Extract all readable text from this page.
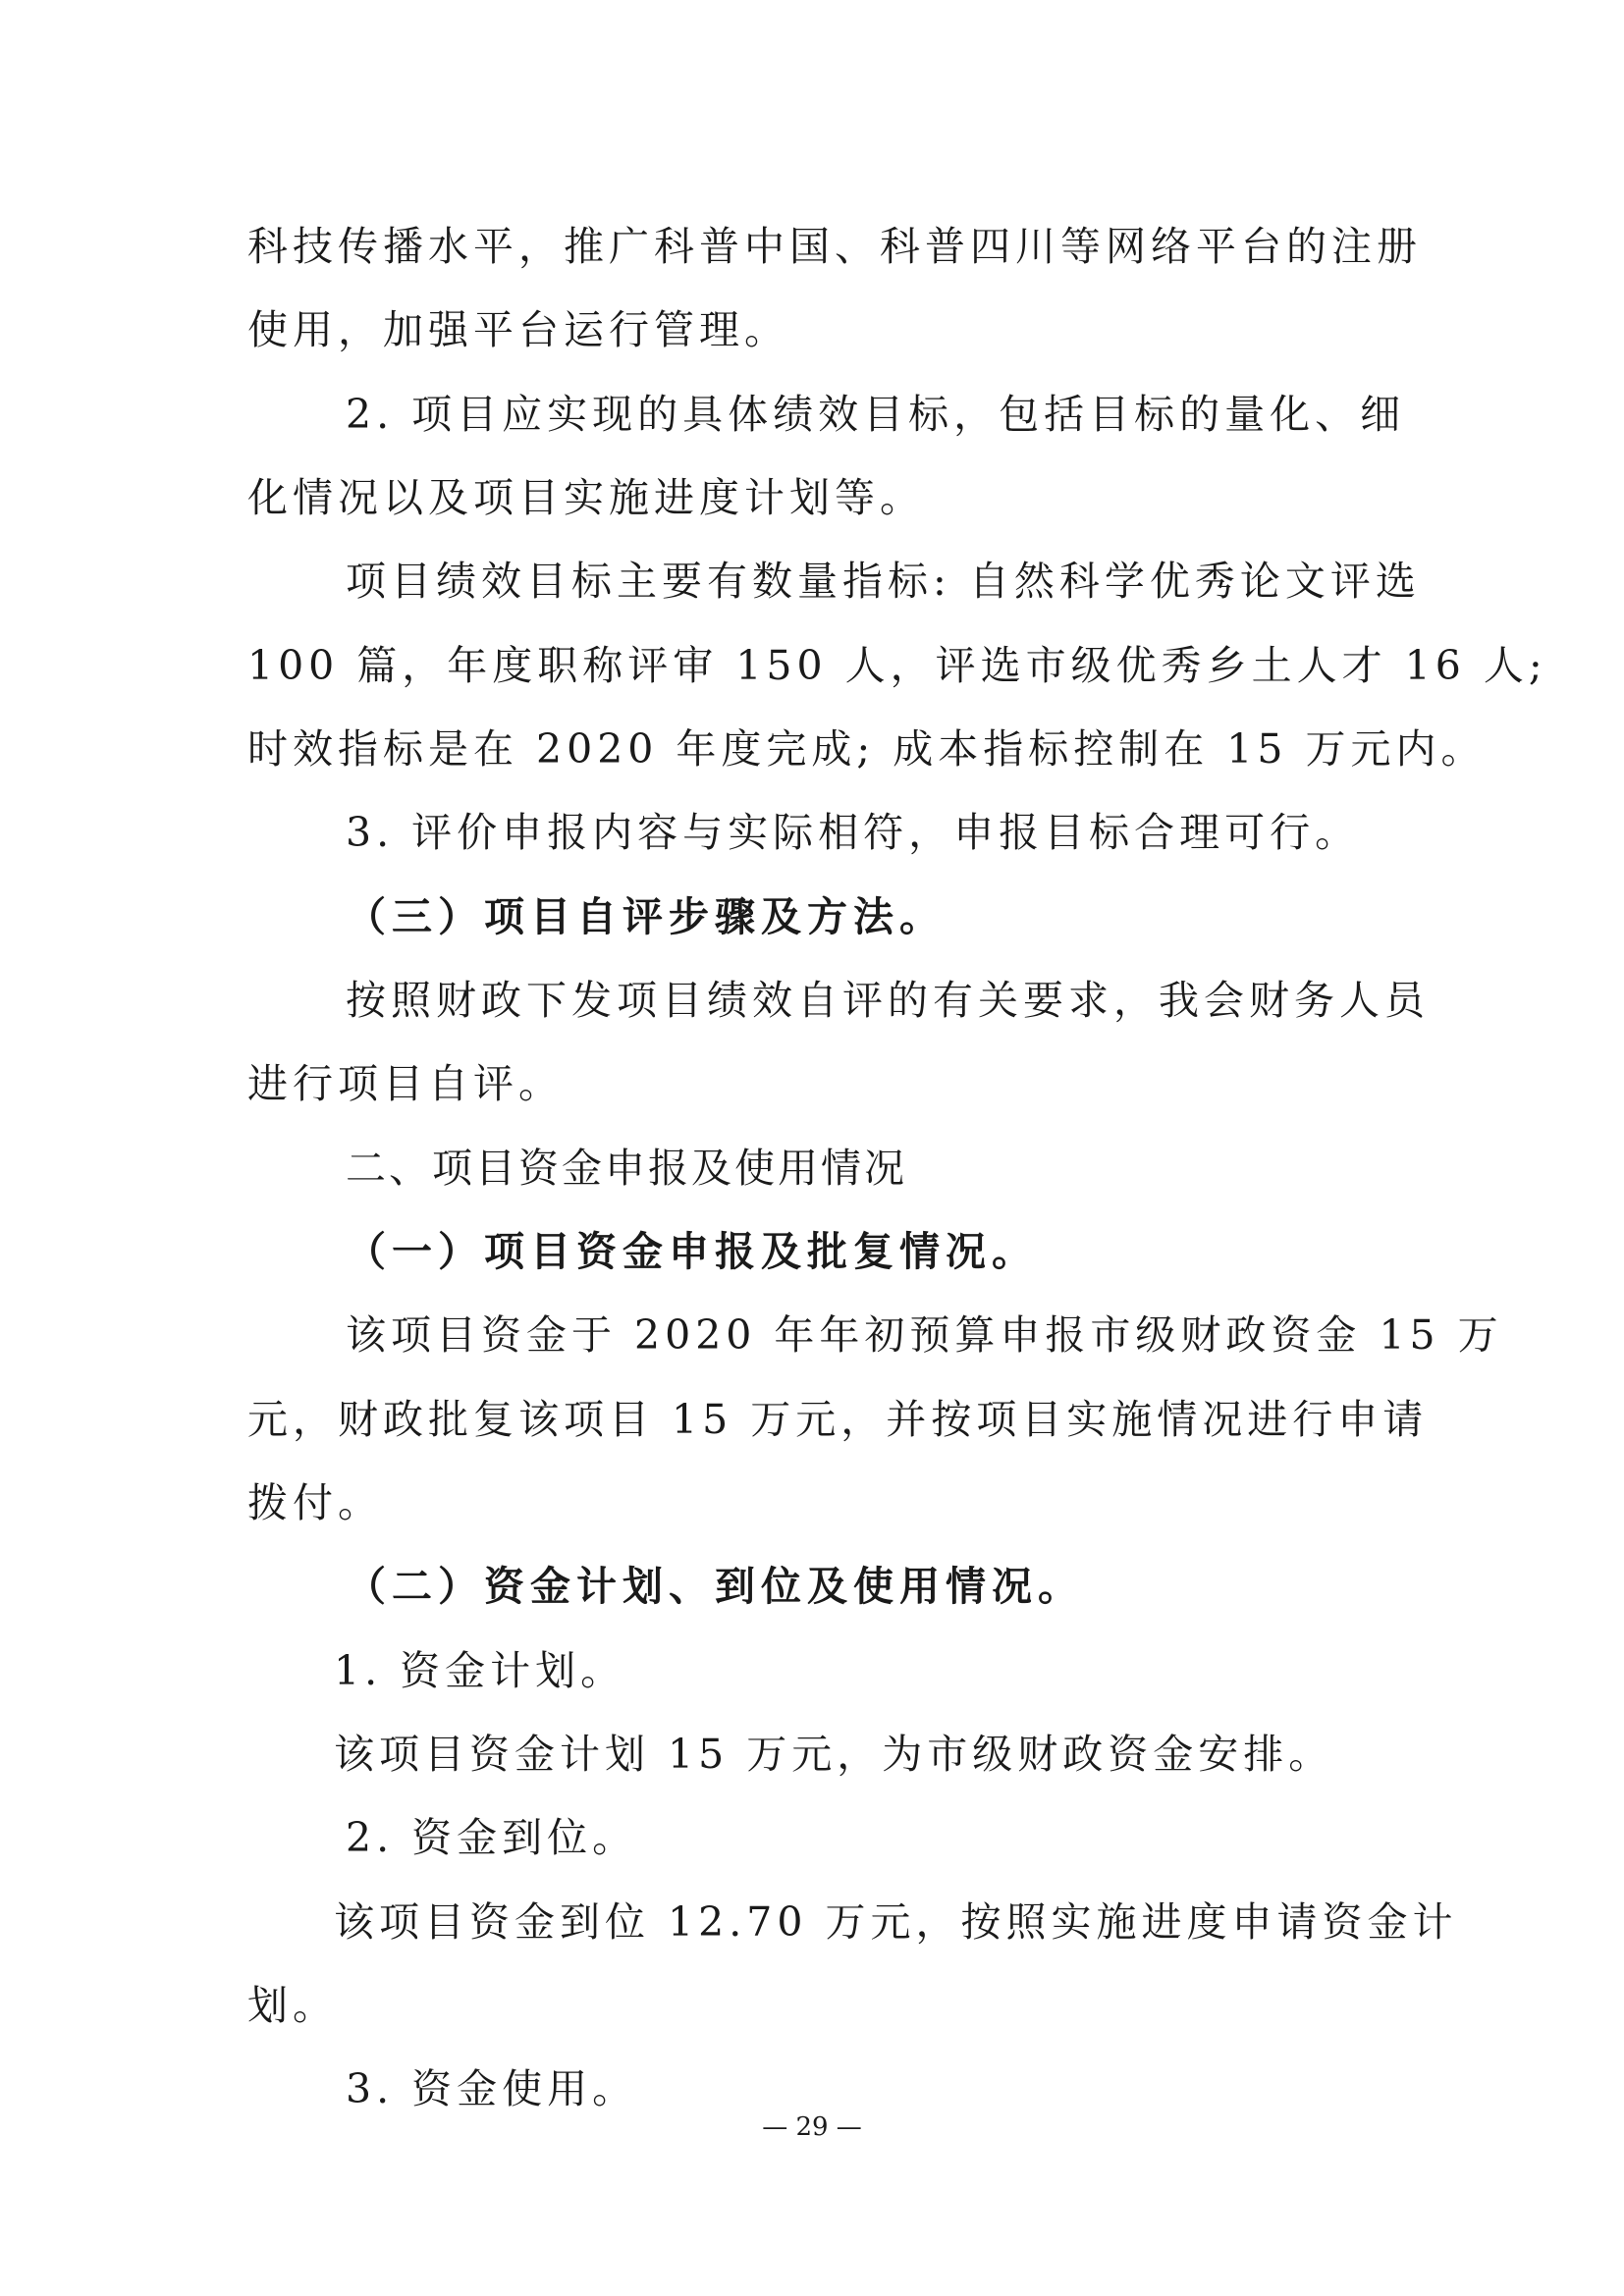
科技传播水平，推广科普中国、科普四川等网络平台的注册
使用，加强平台运行管理。
2. 项目应实现的具体绩效目标，包括目标的量化、细
化情况以及项目实施进度计划等。
项目绩效目标主要有数量指标: 自然科学优秀论文评选
100 篇，年度职称评审 150 人，评选市级优秀乡土人才 16 人;
时效指标是在 2020 年度完成; 成本指标控制在 15 万元内。
3. 评价申报内容与实际相符，申报目标合理可行。
（三）项目自评步骤及方法。
按照财政下发项目绩效自评的有关要求，我会财务人员
进行项目自评。
二、项目资金申报及使用情况
（一）项目资金申报及批复情况。
该项目资金于 2020 年年初预算申报市级财政资金 15 万
元，财政批复该项目 15 万元，并按项目实施情况进行申请
拨付。
（二）资金计划、到位及使用情况。
1. 资金计划。
该项目资金计划 15 万元，为市级财政资金安排。
2. 资金到位。
该项目资金到位 12.70 万元，按照实施进度申请资金计
划。
3. 资金使用。
— 29 —
